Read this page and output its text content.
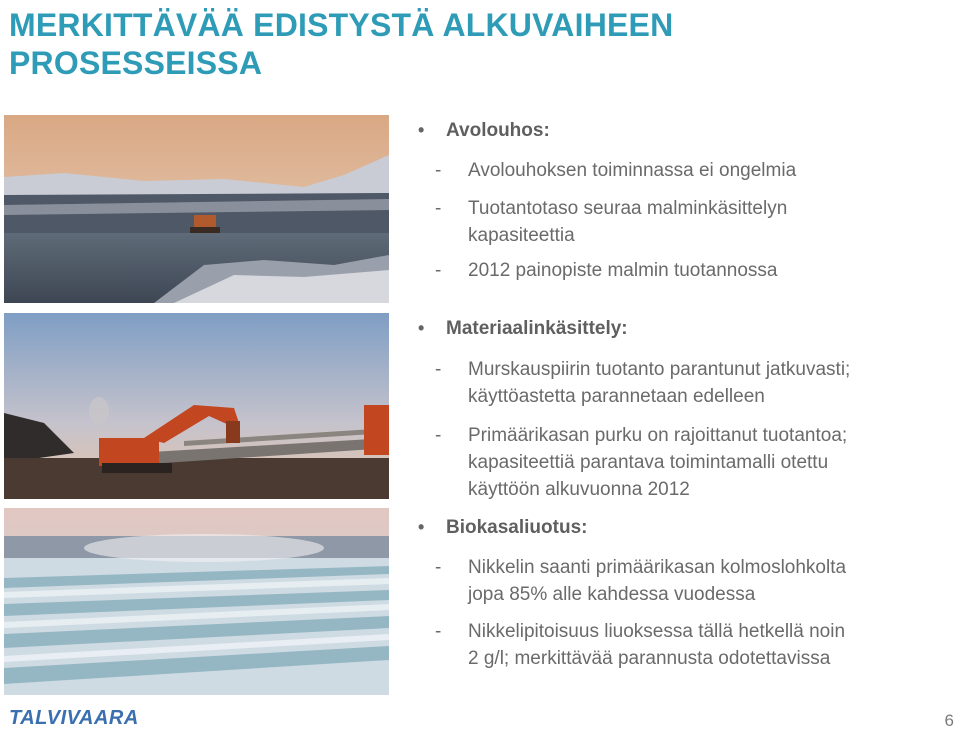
MERKITTÄVÄÄ EDISTYSTÄ ALKUVAIHEEN
PROSESSEISSA
• Avolouhos:
- Avolouhoksen toiminnassa ei ongelmia
- Tuotantotaso seuraa malminkäsittelyn
kapasiteettia
- 2012 painopiste malmin tuotannossa
• Materiaalinkäsittely:
- Murskauspiirin tuotanto parantunut jatkuvasti;
käyttöastetta parannetaan edelleen
- Primäärikasan purku on rajoittanut tuotantoa;
kapasiteettiä parantava toimintamalli otettu
käyttöön alkuvuonna 2012
• Biokasaliuotus:
- Nikkelin saanti primäärikasan kolmoslohkolta
jopa 85% alle kahdessa vuodessa
- Nikkelipitoisuus liuoksessa tällä hetkellä noin
2 g/l; merkittävää parannusta odotettavissa
TALVIVAARA	6
